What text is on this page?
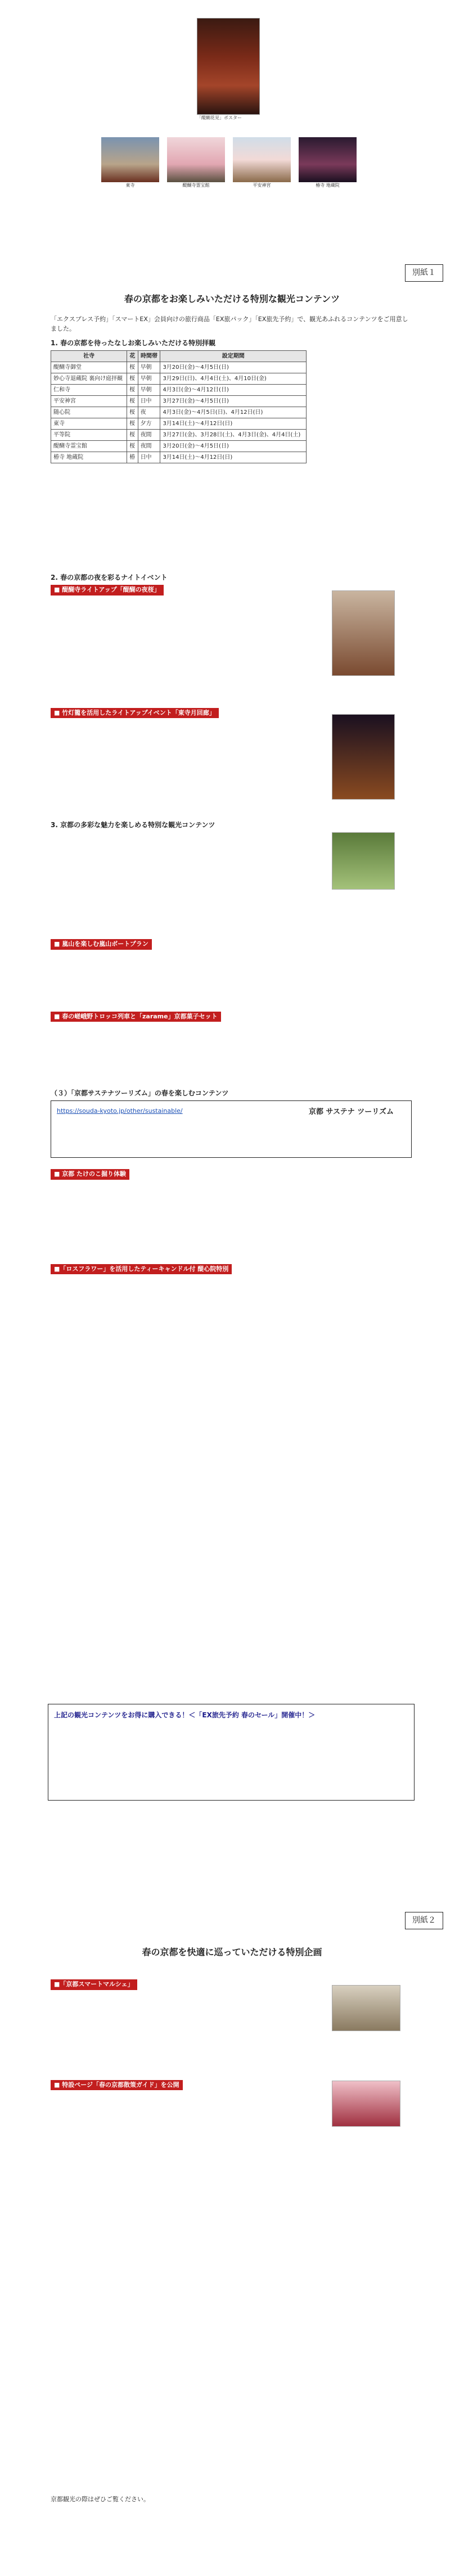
「醍醐花見」ポスター
東寺	醍醐寺霊宝館	平安神宮	椿寺 地蔵院
別紙１
春の京都をお楽しみいただける特別な観光コンテンツ
「エクスプレス予約」「スマートEX」会員向けの旅行商品「EX旅パック」「EX旅先予約」で、観光あふれるコンテンツをご用意しました。
1. 春の京都を待ったなしお楽しみいただける特別拝観
社寺	花	時間帯	設定期間
醍醐寺御堂	桜	早朝	3月20日(金)～4月5日(日)
妙心寺退蔵院 裏向け庭拝観	桜	早朝	3月29日(日)、4月4日(土)、4月10日(金)
仁和寺	桜	早朝	4月3日(金)～4月12日(日)
平安神宮	桜	日中	3月27日(金)～4月5日(日)
随心院	桜	夜	4月3日(金)～4月5日(日)、4月12日(日)
東寺	桜	夕方	3月14日(土)～4月12日(日)
平等院	桜	夜間	3月27日(金)、3月28日(土)、4月3日(金)、4月4日(土)
醍醐寺霊宝館	桜	夜間	3月20日(金)～4月5日(日)
椿寺 地蔵院	椿	日中	3月14日(土)～4月12日(日)
2. 春の京都の夜を彩るナイトイベント
■ 醍醐寺ライトアップ「醍醐の夜桜」
■ 竹灯籠を活用したライトアップイベント「東寺月回廊」
3. 京都の多彩な魅力を楽しめる特別な観光コンテンツ
■ 嵐山を楽しむ嵐山ボートプラン
■ 春の嵯峨野トロッコ列車と「zarame」京都菓子セット
（３）「京都サステナツーリズム」の春を楽しむコンテンツ
京都 サステナ ツーリズム
https://souda-kyoto.jp/other/sustainable/
■ 京都 たけのこ掘り体験
■「ロスフラワー」を活用したティーキャンドル付 醍心院特別
上記の観光コンテンツをお得に購入できる！＜「EX旅先予約 春のセール」開催中！＞
別紙２
春の京都を快適に巡っていただける特別企画
■「京都スマートマルシェ」
■ 特設ページ「春の京都散策ガイド」を公開
京都観光の際はぜひご覧ください。
